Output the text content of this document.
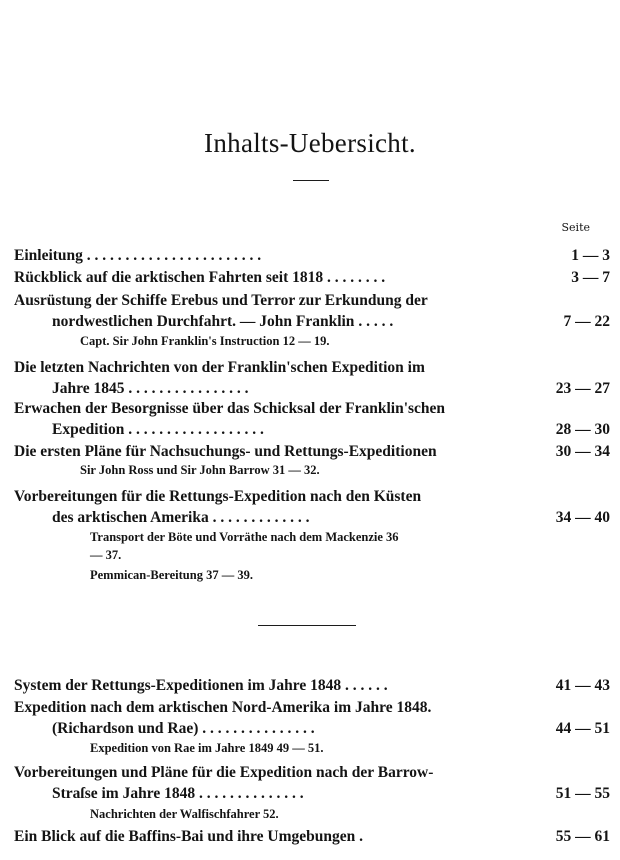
Inhalts-Uebersicht.
Seite
Einleitung . . . . . . . . . . . . . . . . . . . . . . .	1 — 3
Rückblick auf die arktischen Fahrten seit 1818 . . . . . . . .	3 — 7
Ausrüstung der Schiffe Erebus und Terror zur Erkundung der
nordwestlichen Durchfahrt. — John Franklin . . . . .	7 — 22
Capt. Sir John Franklin's Instruction 12 — 19.
Die letzten Nachrichten von der Franklin'schen Expedition im
Jahre 1845 . . . . . . . . . . . . . . . .	23 — 27
Erwachen der Besorgnisse über das Schicksal der Franklin'schen
Expedition . . . . . . . . . . . . . . . . . .	28 — 30
Die ersten Pläne für Nachsuchungs- und Rettungs-Expeditionen	30 — 34
Sir John Ross und Sir John Barrow 31 — 32.
Vorbereitungen für die Rettungs-Expedition nach den Küsten
des arktischen Amerika . . . . . . . . . . . . .	34 — 40
Transport der Böte und Vorräthe nach dem Mackenzie 36
— 37.
Pemmican-Bereitung 37 — 39.
System der Rettungs-Expeditionen im Jahre 1848 . . . . . .	41 — 43
Expedition nach dem arktischen Nord-Amerika im Jahre 1848.
(Richardson und Rae) . . . . . . . . . . . . . . .	44 — 51
Expedition von Rae im Jahre 1849 49 — 51.
Vorbereitungen und Pläne für die Expedition nach der Barrow-
Straſse im Jahre 1848 . . . . . . . . . . . . . .	51 — 55
Nachrichten der Walfischfahrer 52.
Ein Blick auf die Baffins-Bai und ihre Umgebungen .	55 — 61
